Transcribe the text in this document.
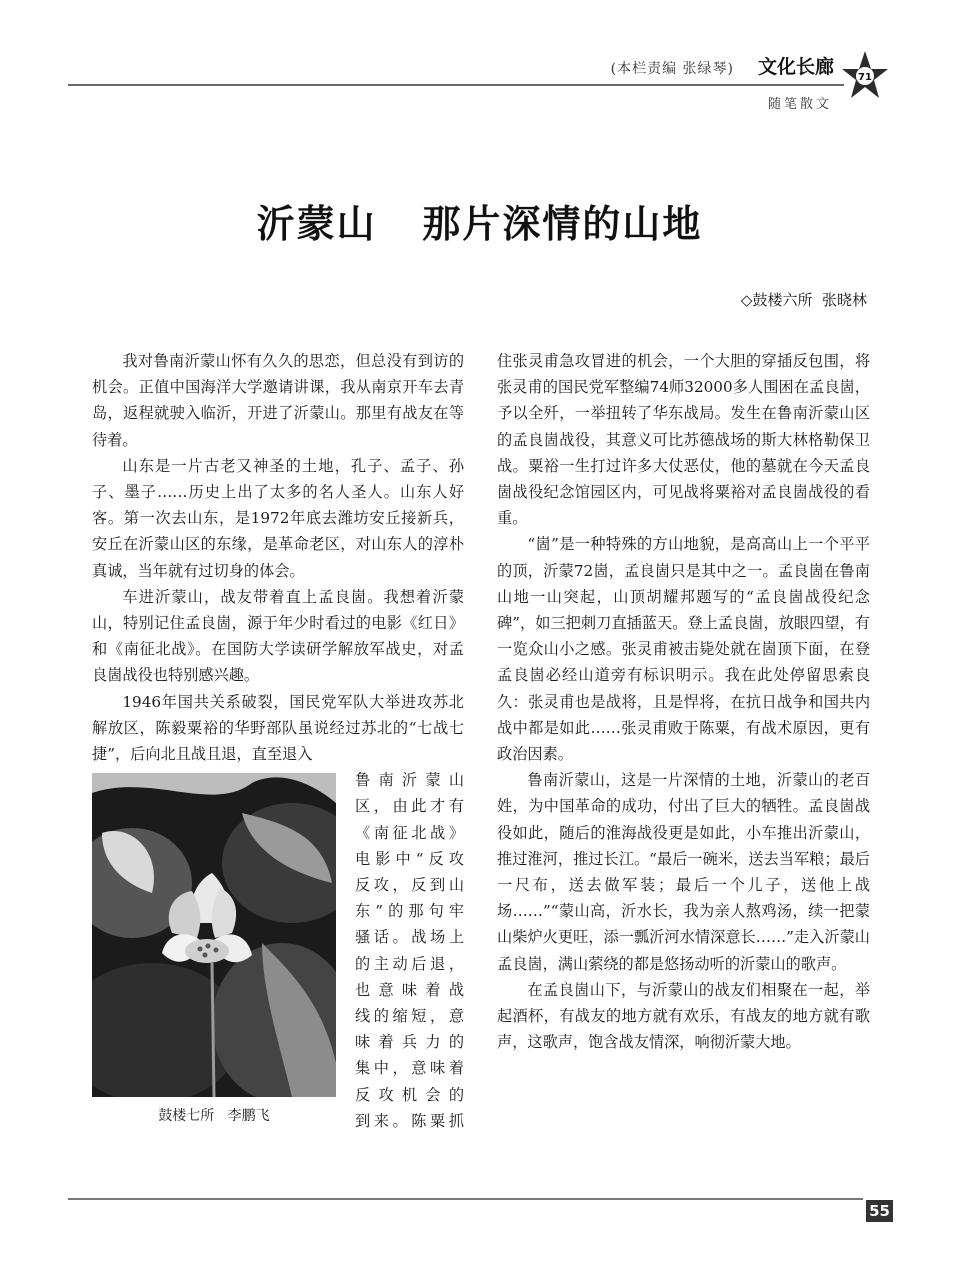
(本栏责编 张绿琴) 文化长廊
随笔散文
71
沂蒙山   那片深情的山地
◇鼓楼六所  张晓林

我对鲁南沂蒙山怀有久久的思恋，但总没有到访的机会。正值中国海洋大学邀请讲课，我从南京开车去青岛，返程就驶入临沂，开进了沂蒙山。那里有战友在等待着。

山东是一片古老又神圣的土地，孔子、孟子、孙子、墨子……历史上出了太多的名人圣人。山东人好客。第一次去山东，是1972年底去潍坊安丘接新兵，安丘在沂蒙山区的东缘，是革命老区，对山东人的淳朴真诚，当年就有过切身的体会。

车进沂蒙山，战友带着直上孟良崮。我想着沂蒙山，特别记住孟良崮，源于年少时看过的电影《红日》和《南征北战》。在国防大学读研学解放军战史，对孟良崮战役也特别感兴趣。

1946年国共关系破裂，国民党军队大举进攻苏北解放区，陈毅粟裕的华野部队虽说经过苏北的“七战七捷”，后向北且战且退，直至退入

鼓楼七所   李鹏飞
鲁南沂蒙山
区，由此才有
《南征北战》
电影中“反攻
反攻，反到山
东”的那句牢
骚话。战场上
的主动后退，
也意味着战
线的缩短，意
味着兵力的
集中，意味着
反攻机会的
到来。陈粟抓

住张灵甫急攻冒进的机会，一个大胆的穿插反包围，将张灵甫的国民党军整编74师32000多人围困在孟良崮，予以全歼，一举扭转了华东战局。发生在鲁南沂蒙山区的孟良崮战役，其意义可比苏德战场的斯大林格勒保卫战。粟裕一生打过许多大仗恶仗，他的墓就在今天孟良崮战役纪念馆园区内，可见战将粟裕对孟良崮战役的看重。

“崮”是一种特殊的方山地貌，是高高山上一个平平的顶，沂蒙72崮，孟良崮只是其中之一。孟良崮在鲁南山地一山突起，山顶胡耀邦题写的“孟良崮战役纪念碑”，如三把刺刀直插蓝天。登上孟良崮，放眼四望，有一览众山小之感。张灵甫被击毙处就在崮顶下面，在登孟良崮必经山道旁有标识明示。我在此处停留思索良久：张灵甫也是战将，且是悍将，在抗日战争和国共内战中都是如此……张灵甫败于陈粟，有战术原因，更有政治因素。

鲁南沂蒙山，这是一片深情的土地，沂蒙山的老百姓，为中国革命的成功，付出了巨大的牺牲。孟良崮战役如此，随后的淮海战役更是如此，小车推出沂蒙山，推过淮河，推过长江。“最后一碗米，送去当军粮；最后一尺布，送去做军装；最后一个儿子，送他上战场……”“蒙山高，沂水长，我为亲人熬鸡汤，续一把蒙山柴炉火更旺，添一瓢沂河水情深意长……”走入沂蒙山孟良崮，满山萦绕的都是悠扬动听的沂蒙山的歌声。

在孟良崮山下，与沂蒙山的战友们相聚在一起，举起酒杯，有战友的地方就有欢乐，有战友的地方就有歌声，这歌声，饱含战友情深，响彻沂蒙大地。

55
